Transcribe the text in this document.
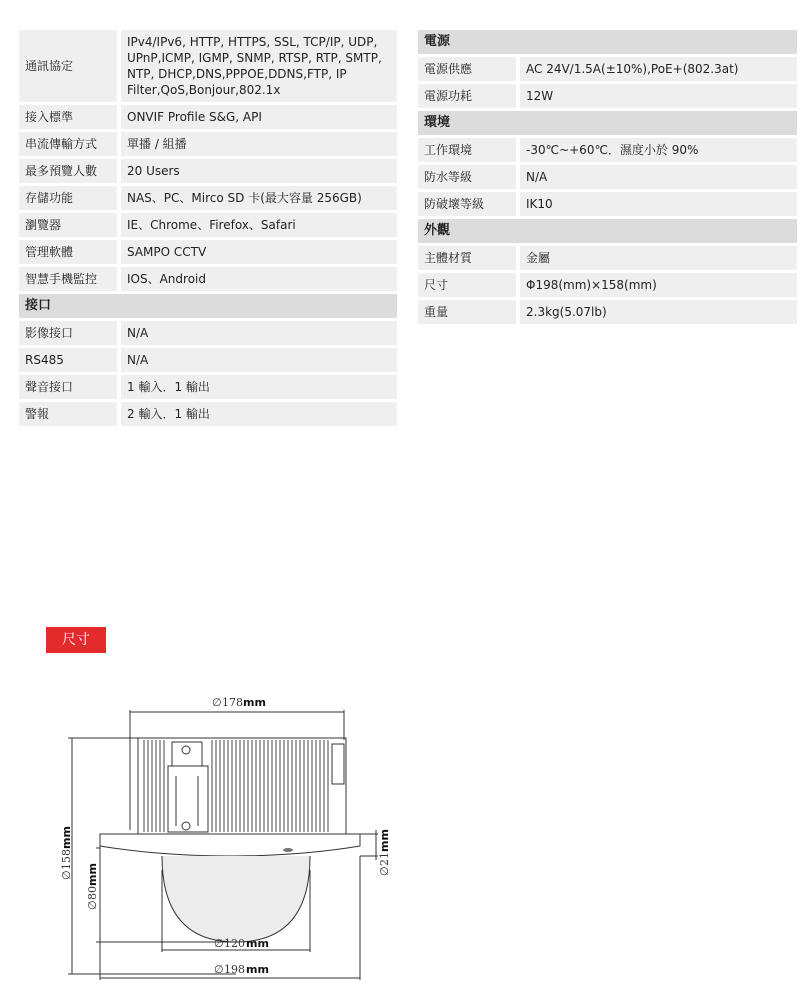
通訊協定	IPv4/IPv6, HTTP, HTTPS, SSL, TCP/IP, UDP,
UPnP,ICMP, IGMP, SNMP, RTSP, RTP, SMTP,
NTP, DHCP,DNS,PPPOE,DDNS,FTP, IP
Filter,QoS,Bonjour,802.1x

接入標準	ONVIF Profile S&G, API
串流傳輸方式	單播 / 組播
最多預覽人數	20 Users
存儲功能	NAS、PC、Mirco SD 卡(最大容量 256GB)
瀏覽器	IE、Chrome、Firefox、Safari
管理軟體	SAMPO CCTV
智慧手機監控	IOS、Android
接口	
影像接口	N/A
RS485	N/A
聲音接口	1 輸入．1 輸出
警報	2 輸入．1 輸出
電源	
電源供應	AC 24V/1.5A(±10%),PoE+(802.3at)
電源功耗	12W
環境	
工作環境	-30℃~+60℃．濕度小於 90%
防水等級	N/A
防破壞等級	IK10
外觀	
主體材質	金屬
尺寸	Φ198(mm)×158(mm)
重量	2.3kg(5.07lb)
尺寸
∅ 178 mm
∅
158
mm
∅
80
mm	∅
21
mm
∅ 120 mm
∅ 198 mm
